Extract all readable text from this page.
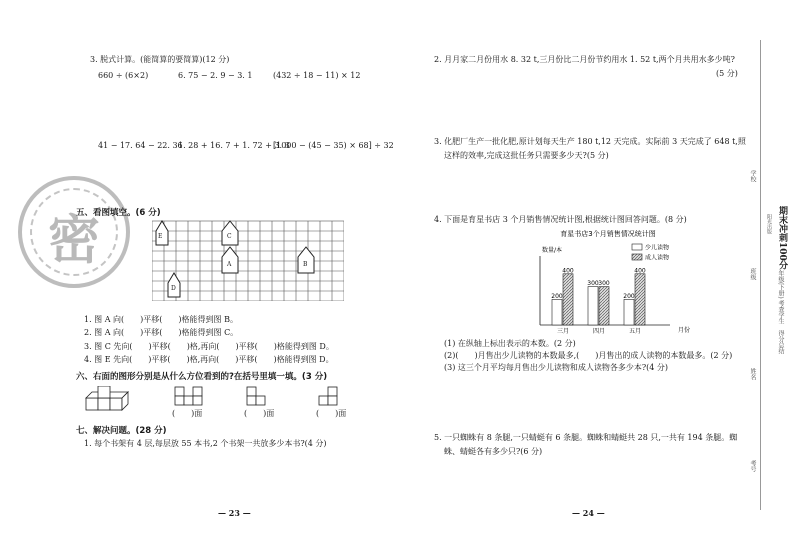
3. 脱式计算。(能简算的要简算)(12 分)
660 ÷ (6×2)	6. 75 − 2. 9 − 3. 1	(432 ÷ 18 − 11) × 12
41 − 17. 64 − 22. 36
1. 28 + 16. 7 + 1. 72 + 3. 3
[1000 − (45 − 35) × 68] ÷ 32
密
五、看图填空。(6 分)
E	C
A	B
D
1. 图 A 向(　　)平移(　　)格能得到图 B。
2. 图 A 向(　　)平移(　　)格能得到图 C。
3. 图 C 先向(　　)平移(　　)格,再向(　　)平移(　　)格能得到图 D。
4. 图 E 先向(　　)平移(　　)格,再向(　　)平移(　　)格能得到图 D。
六、右面的图形分别是从什么方位看到的?在括号里填一填。(3 分)
(　　)面	(　　)面	(　　)面
七、解决问题。(28 分)
1. 每个书架有 4 层,每层放 55 本书,2 个书架一共放多少本书?(4 分)
— 23 —
2. 月月家二月份用水 8. 32 t,三月份比二月份节约用水 1. 52 t,两个月共用水多少吨?
(5 分)
3. 化肥厂生产一批化肥,原计划每天生产 180 t,12 天完成。实际前 3 天完成了 648 t,照
这样的效率,完成这批任务只需要多少天?(5 分)
4. 下面是育星书店 3 个月销售情况统计图,根据统计图回答问题。(8 分)
育星书店3个月销售情况统计图
数量/本
200
400
三月
300 300
四月
200
400
五月
少儿读物
成人读物
月份
(1) 在纵轴上标出表示的本数。(2 分)
(2)(　　)月售出少儿读物的本数最多,(　　)月售出的成人读物的本数最多。(2 分)
(3) 这三个月平均每月售出少儿读物和成人读物各多少本?(4 分)
5. 一只蜘蛛有 8 条腿,一只蜻蜓有 6 条腿。蜘蛛和蜻蜓共 28 只,一共有 194 条腿。蜘
蛛、蜻蜓各有多少只?(6 分)
— 24 —
期末冲刺100分
阳光出版
年级(下册)
考查学生
得分总结
学校
班级
姓名
考号
